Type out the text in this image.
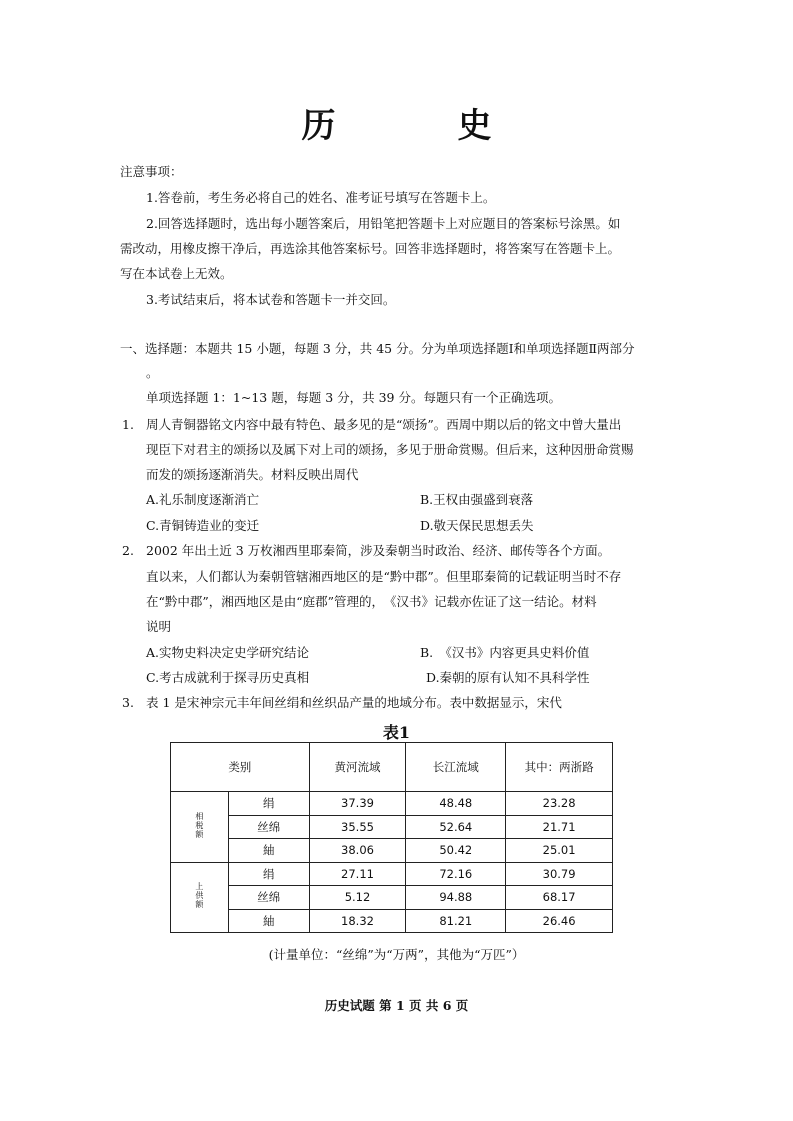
历　史
注意事项：
1.答卷前，考生务必将自己的姓名、准考证号填写在答题卡上。
2.回答选择题时，选出每小题答案后，用铅笔把答题卡上对应题目的答案标号涂黑。如
需改动，用橡皮擦干净后，再选涂其他答案标号。回答非选择题时，将答案写在答题卡上。
写在本试卷上无效。
3.考试结束后，将本试卷和答题卡一并交回。
一、选择题：本题共 15 小题，每题 3 分，共 45 分。分为单项选择题Ⅰ和单项选择题Ⅱ两部分
。
单项选择题 1：1~13 题，每题 3 分，共 39 分。每题只有一个正确选项。
1. 周人青铜器铭文内容中最有特色、最多见的是“颂扬”。西周中期以后的铭文中曾大量出
现臣下对君主的颂扬以及属下对上司的颂扬，多见于册命赏赐。但后来，这种因册命赏赐
而发的颂扬逐渐消失。材料反映出周代
A.礼乐制度逐渐消亡	B.王权由强盛到衰落
C.青铜铸造业的变迁	D.敬天保民思想丢失
2. 2002 年出土近 3 万枚湘西里耶秦简，涉及秦朝当时政治、经济、邮传等各个方面。
直以来，人们都认为秦朝管辖湘西地区的是“黔中郡”。但里耶秦简的记载证明当时不存
在“黔中郡”，湘西地区是由“庭郡”管理的，　《汉书》记载亦佐证了这一结论。材料
说明
A.实物史料决定史学研究结论	B.　《汉书》内容更具史料价值
C.考古成就利于探寻历史真相	D.秦朝的原有认知不具科学性
3. 表 1 是宋神宗元丰年间丝绢和丝织品产量的地域分布。表中数据显示，宋代
表1
类别		黄河流域	长江流域	其中：两浙路
相税额	绢	37.39	48.48	23.28
	丝绵	35.55	52.64	21.71
	紬	38.06	50.42	25.01
上供额	绢	27.11	72.16	30.79
	丝绵	5.12	94.88	68.17
	紬	18.32	81.21	26.46
(计量单位：“丝绵”为“万两”，其他为“万匹”）
历史试题 第 1 页 共 6 页
